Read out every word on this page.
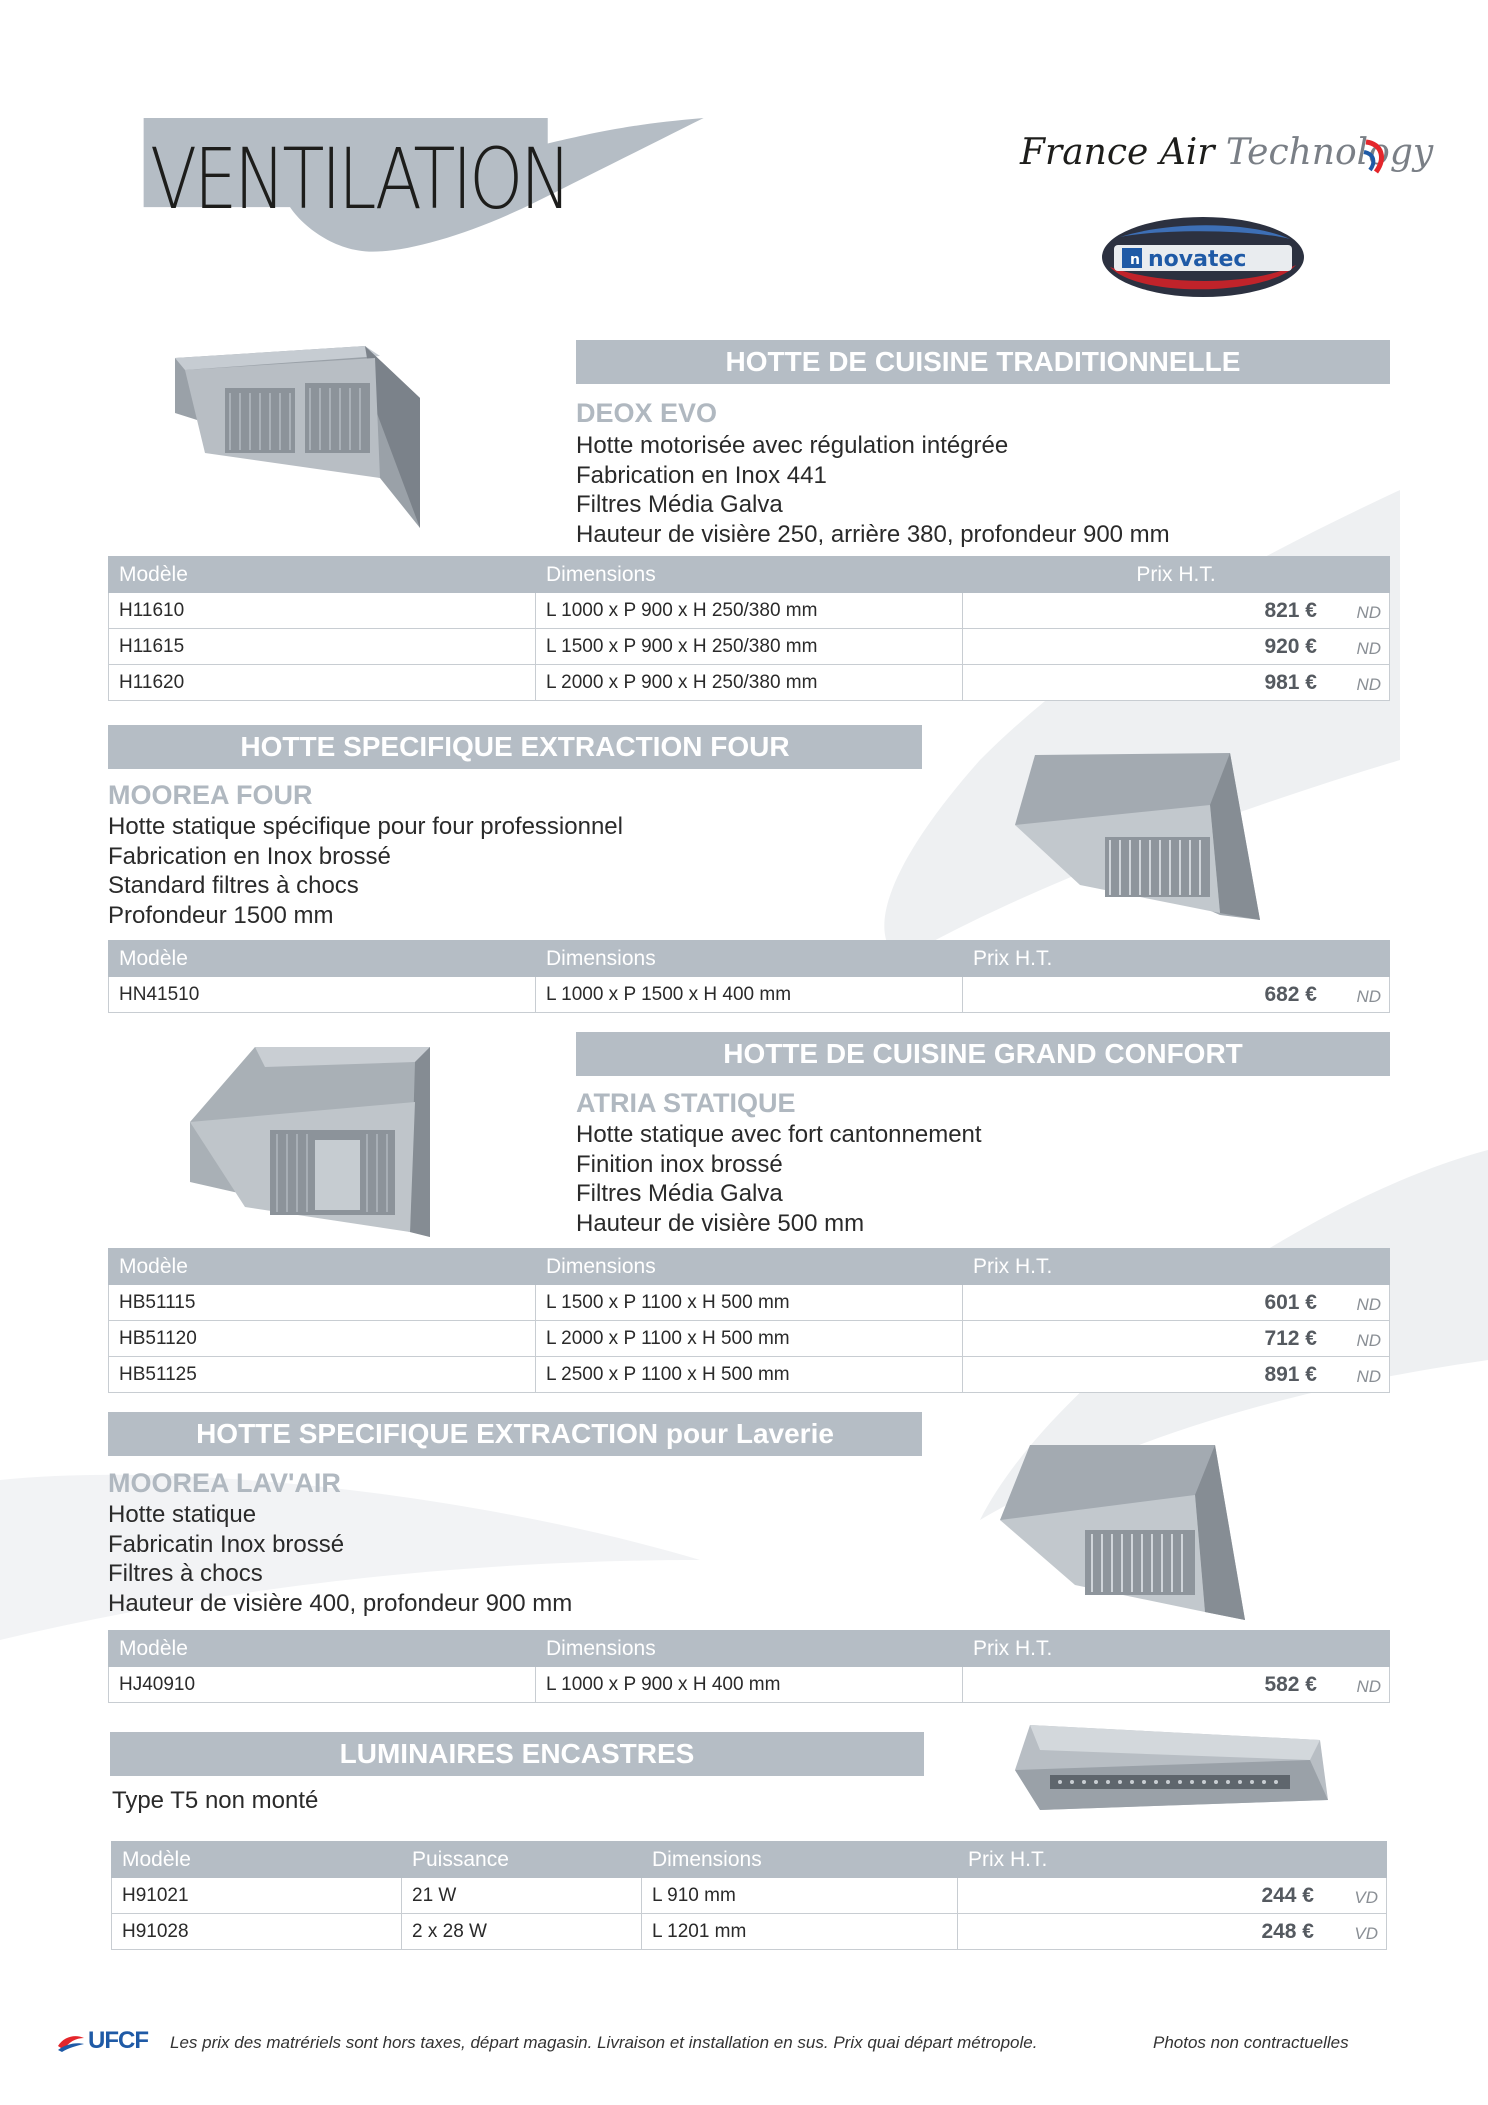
VENTILATION	France Air Technology
n novatec
HOTTE DE CUISINE TRADITIONNELLE
DEOX EVO
Hotte motorisée avec régulation intégrée
Fabrication en Inox 441
Filtres Média Galva
Hauteur de visière 250, arrière 380, profondeur 900 mm
Modèle	Dimensions	Prix H.T.
H11610	L 1000 x P 900 x H 250/380 mm	821 € ND

H11615	L 1500 x P 900 x H 250/380 mm	920 € ND

H11620	L 2000 x P 900 x H 250/380 mm	981 € ND
HOTTE SPECIFIQUE EXTRACTION FOUR
MOOREA FOUR
Hotte statique spécifique pour four professionnel
Fabrication en Inox brossé
Standard filtres à chocs
Profondeur 1500 mm
Modèle	Dimensions	Prix H.T.
HN41510	L 1000 x P 1500 x H 400 mm	682 € ND
HOTTE DE CUISINE GRAND CONFORT
ATRIA STATIQUE
Hotte statique avec fort cantonnement
Finition inox brossé
Filtres Média Galva
Hauteur de visière 500 mm
Modèle	Dimensions	Prix H.T.
HB51115	L 1500 x P 1100 x H 500 mm	601 € ND

HB51120	L 2000 x P 1100 x H 500 mm	712 € ND

HB51125	L 2500 x P 1100 x H 500 mm	891 € ND
HOTTE SPECIFIQUE EXTRACTION pour Laverie
MOOREA LAV'AIR
Hotte statique
Fabricatin Inox brossé
Filtres à chocs
Hauteur de visière 400, profondeur 900 mm
Modèle	Dimensions	Prix H.T.
HJ40910	L 1000 x P 900 x H 400 mm	582 € ND
LUMINAIRES ENCASTRES
Type T5 non monté
Modèle	Puissance	Dimensions	Prix H.T.
H91021	21 W	L 910 mm	244 € VD

H91028	2 x 28 W	L 1201 mm	248 € VD
UFCF Les prix des matrériels sont hors taxes, départ magasin. Livraison et installation en sus. Prix quai départ métropole.	Photos non contractuelles
